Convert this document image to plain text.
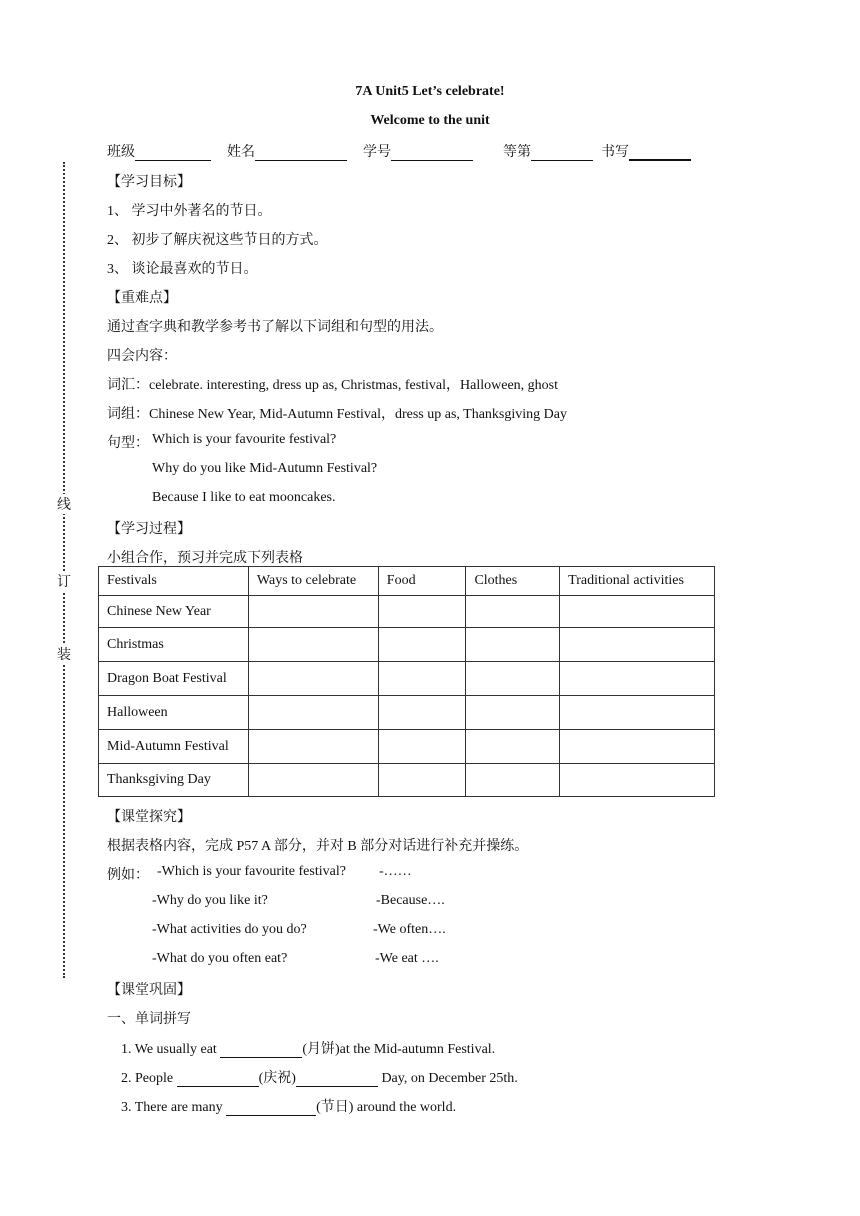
线
订
装
7A Unit5 Let’s celebrate!
Welcome to the unit
班级	姓名	学号	等第	书写
【学习目标】
1、 学习中外著名的节日。
2、 初步了解庆祝这些节日的方式。
3、 谈论最喜欢的节日。
【重难点】
通过查字典和教学参考书了解以下词组和句型的用法。
四会内容：
词汇：celebrate. interesting, dress up as, Christmas, festival，Halloween, ghost
词组：Chinese New Year, Mid-Autumn Festival，dress up as, Thanksgiving Day
句型： Which is your favourite festival?
Why do you like Mid-Autumn Festival?
Because I like to eat mooncakes.
【学习过程】
小组合作，预习并完成下列表格
Festivals	Ways to celebrate	Food	Clothes	Traditional activities
Chinese New Year				
Christmas				
Dragon Boat Festival				
Halloween				
Mid-Autumn Festival				
Thanksgiving Day				
【课堂探究】
根据表格内容，完成 P57 A 部分，并对 B 部分对话进行补充并操练。
例如： -Which is your favourite festival? -……
-Why do you like it?	-Because….
-What activities do you do?	-We often….
-What do you often eat?	-We eat ….
【课堂巩固】
一、单词拼写
1. We usually eat	(月饼)at the Mid-autumn Festival.
2. People	(庆祝)	Day, on December 25th.
3. There are many	(节日) around the world.
